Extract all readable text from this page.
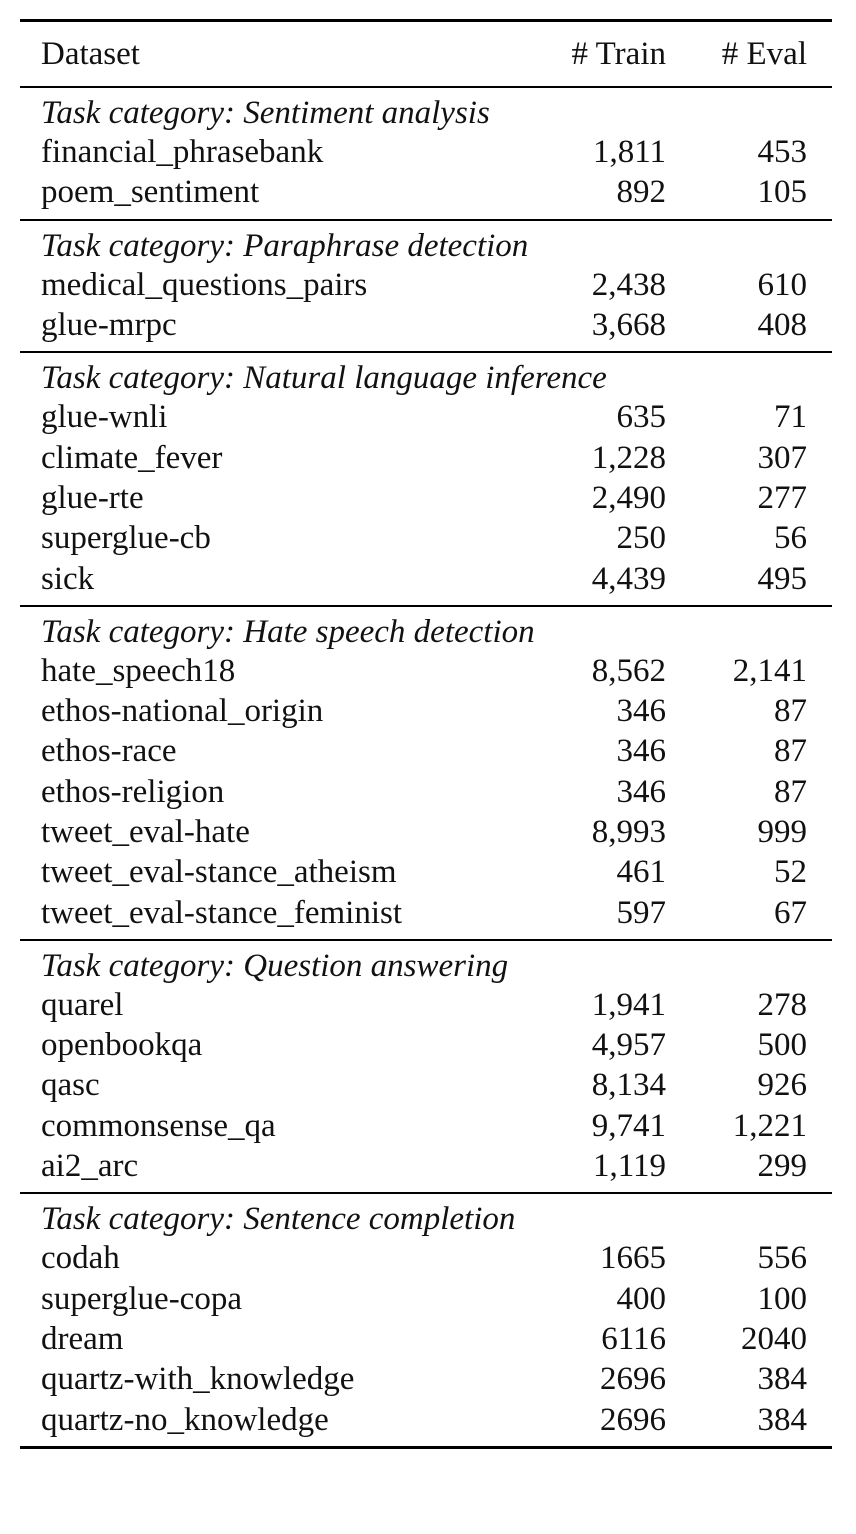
Dataset	# Train	# Eval
Task category: Sentiment analysis		
financial_phrasebank	1,811	453
poem_sentiment	892	105
Task category: Paraphrase detection		
medical_questions_pairs	2,438	610
glue-mrpc	3,668	408
Task category: Natural language inference		
glue-wnli	635	71
climate_fever	1,228	307
glue-rte	2,490	277
superglue-cb	250	56
sick	4,439	495
Task category: Hate speech detection		
hate_speech18	8,562	2,141
ethos-national_origin	346	87
ethos-race	346	87
ethos-religion	346	87
tweet_eval-hate	8,993	999
tweet_eval-stance_atheism	461	52
tweet_eval-stance_feminist	597	67
Task category: Question answering		
quarel	1,941	278
openbookqa	4,957	500
qasc	8,134	926
commonsense_qa	9,741	1,221
ai2_arc	1,119	299
Task category: Sentence completion		
codah	1665	556
superglue-copa	400	100
dream	6116	2040
quartz-with_knowledge	2696	384
quartz-no_knowledge	2696	384
